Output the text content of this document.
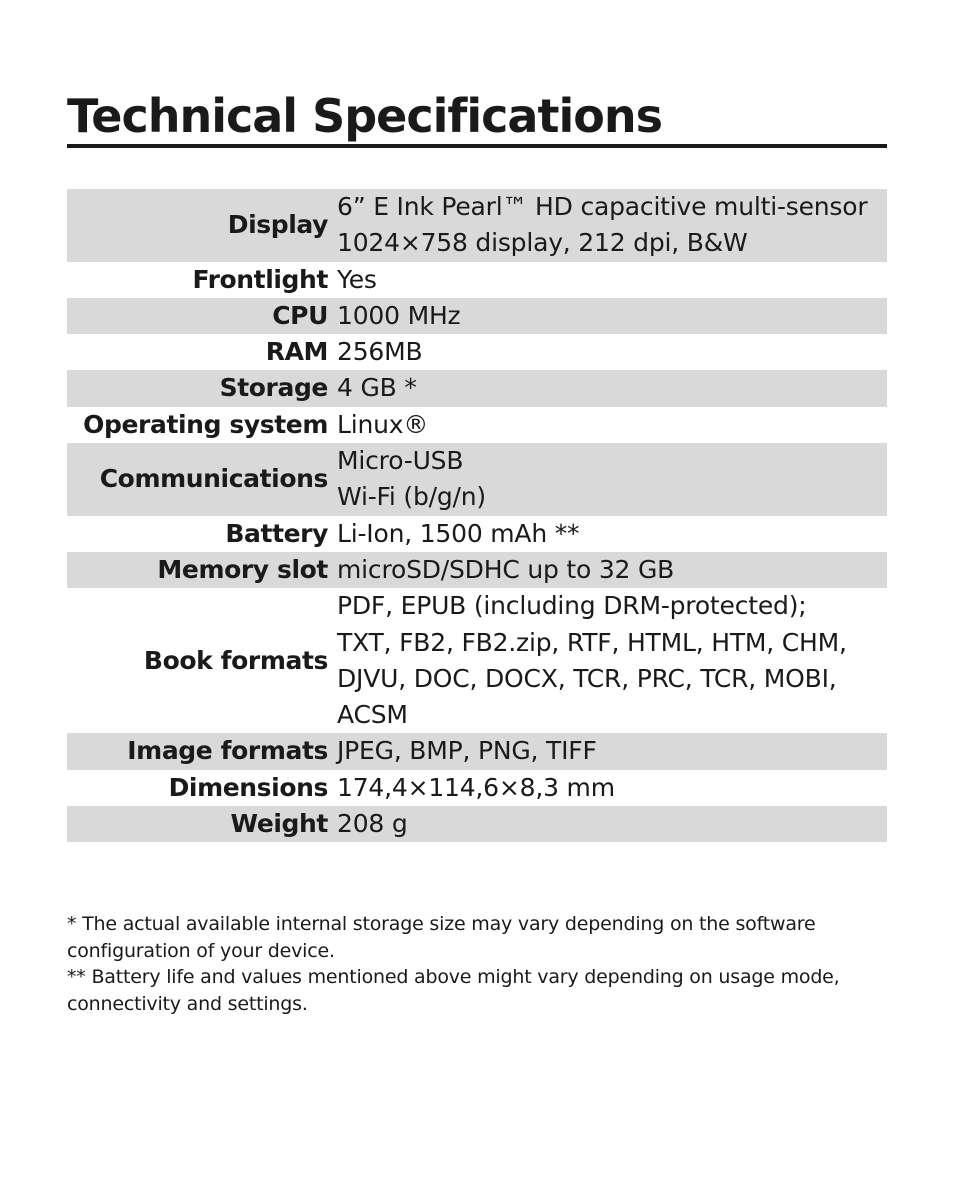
Technical Specifications
Display	6” E Ink Pearl™ HD capacitive multi-sensor
1024×758 display, 212 dpi, B&W

Frontlight	Yes

CPU	1000 MHz

RAM	256MB

Storage	4 GB *

Operating system	Linux®

Communications	Micro-USB
Wi-Fi (b/g/n)

Battery	Li-Ion, 1500 mAh **

Memory slot	microSD/SDHC up to 32 GB

Book formats	PDF, EPUB (including DRM-protected);
TXT, FB2, FB2.zip, RTF, HTML, HTM, CHM,
DJVU, DOC, DOCX, TCR, PRC, TCR, MOBI,
ACSM

Image formats	JPEG, BMP, PNG, TIFF

Dimensions	174,4×114,6×8,3 mm

Weight	208 g

* The actual available internal storage size may vary depending on the software configuration of your device.

** Battery life and values mentioned above might vary depending on usage mode, connectivity and settings.
